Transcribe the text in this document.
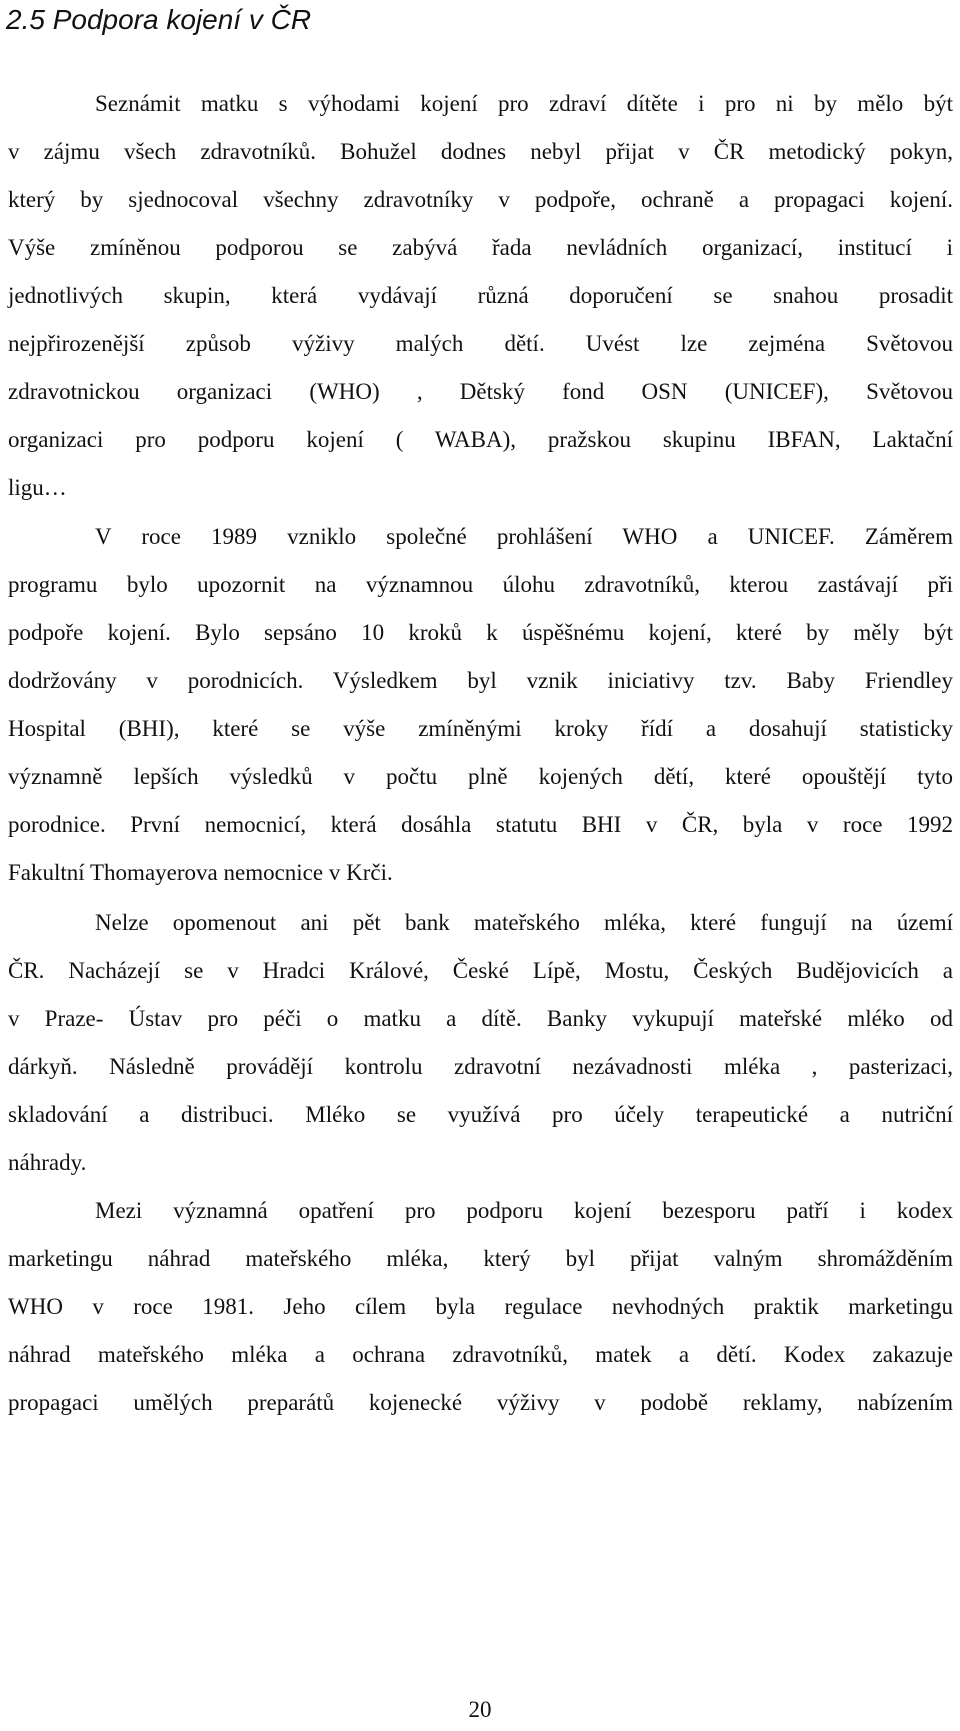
2.5 Podpora kojení v ČR
Seznámit matku s výhodami kojení pro zdraví dítěte i pro ni by mělo být
v zájmu všech zdravotníků. Bohužel dodnes nebyl přijat v ČR metodický pokyn,
který by sjednocoval všechny zdravotníky v podpoře, ochraně a propagaci kojení.
Výše zmíněnou podporou se zabývá řada nevládních organizací, institucí i
jednotlivých skupin, která vydávají různá doporučení se snahou prosadit
nejpřirozenější způsob výživy malých dětí. Uvést lze zejména Světovou
zdravotnickou organizaci (WHO) , Dětský fond OSN (UNICEF), Světovou
organizaci pro podporu kojení ( WABA), pražskou skupinu IBFAN, Laktační
ligu…
V roce 1989 vzniklo společné prohlášení WHO a UNICEF. Záměrem
programu bylo upozornit na významnou úlohu zdravotníků, kterou zastávají při
podpoře kojení. Bylo sepsáno 10 kroků k úspěšnému kojení, které by měly být
dodržovány v porodnicích. Výsledkem byl vznik iniciativy tzv. Baby Friendley
Hospital (BHI), které se výše zmíněnými kroky řídí a dosahují statisticky
významně lepších výsledků v počtu plně kojených dětí, které opouštějí tyto
porodnice. První nemocnicí, která dosáhla statutu BHI v ČR, byla v roce 1992
Fakultní Thomayerova nemocnice v Krči.
Nelze opomenout ani pět bank mateřského mléka, které fungují na území
ČR. Nacházejí se v Hradci Králové, České Lípě, Mostu, Českých Budějovicích a
v Praze- Ústav pro péči o matku a dítě. Banky vykupují mateřské mléko od
dárkyň. Následně provádějí kontrolu zdravotní nezávadnosti mléka , pasterizaci,
skladování a distribuci. Mléko se využívá pro účely terapeutické a nutriční
náhrady.
Mezi významná opatření pro podporu kojení bezesporu patří i kodex
marketingu náhrad mateřského mléka, který byl přijat valným shromážděním
WHO v roce 1981. Jeho cílem byla regulace nevhodných praktik marketingu
náhrad mateřského mléka a ochrana zdravotníků, matek a dětí. Kodex zakazuje
propagaci umělých preparátů kojenecké výživy v podobě reklamy, nabízením
20
